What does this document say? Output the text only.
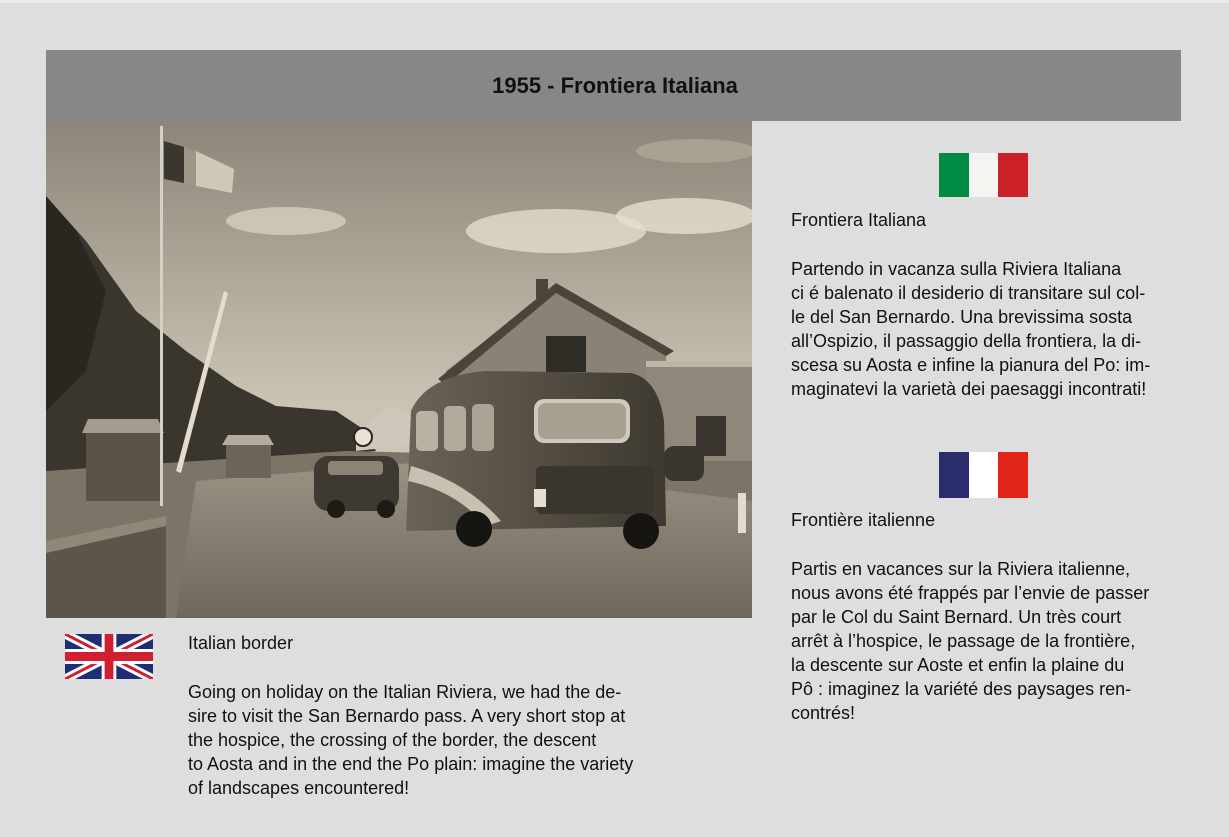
1955 - Frontiera Italiana
Frontiera Italiana
Partendo in vacanza sulla Riviera Italiana
ci é balenato il desiderio di transitare sul col-
le del San Bernardo. Una brevissima sosta
all’Ospizio, il passaggio della frontiera, la di-
scesa su Aosta e infine la pianura del Po: im-
maginatevi la varietà dei paesaggi incontrati!
Frontière italienne
Partis en vacances sur la Riviera italienne,
nous avons été frappés par l’envie de passer
par le Col du Saint Bernard. Un très court
arrêt à l’hospice, le passage de la frontière,
la descente sur Aoste et enfin la plaine du
Pô : imaginez la variété des paysages ren-
contrés!
Italian border
Going on holiday on the Italian Riviera, we had the de-
sire to visit the San Bernardo pass. A very short stop at
the hospice, the crossing of the border, the descent
to Aosta and in the end the Po plain: imagine the variety
of landscapes encountered!
